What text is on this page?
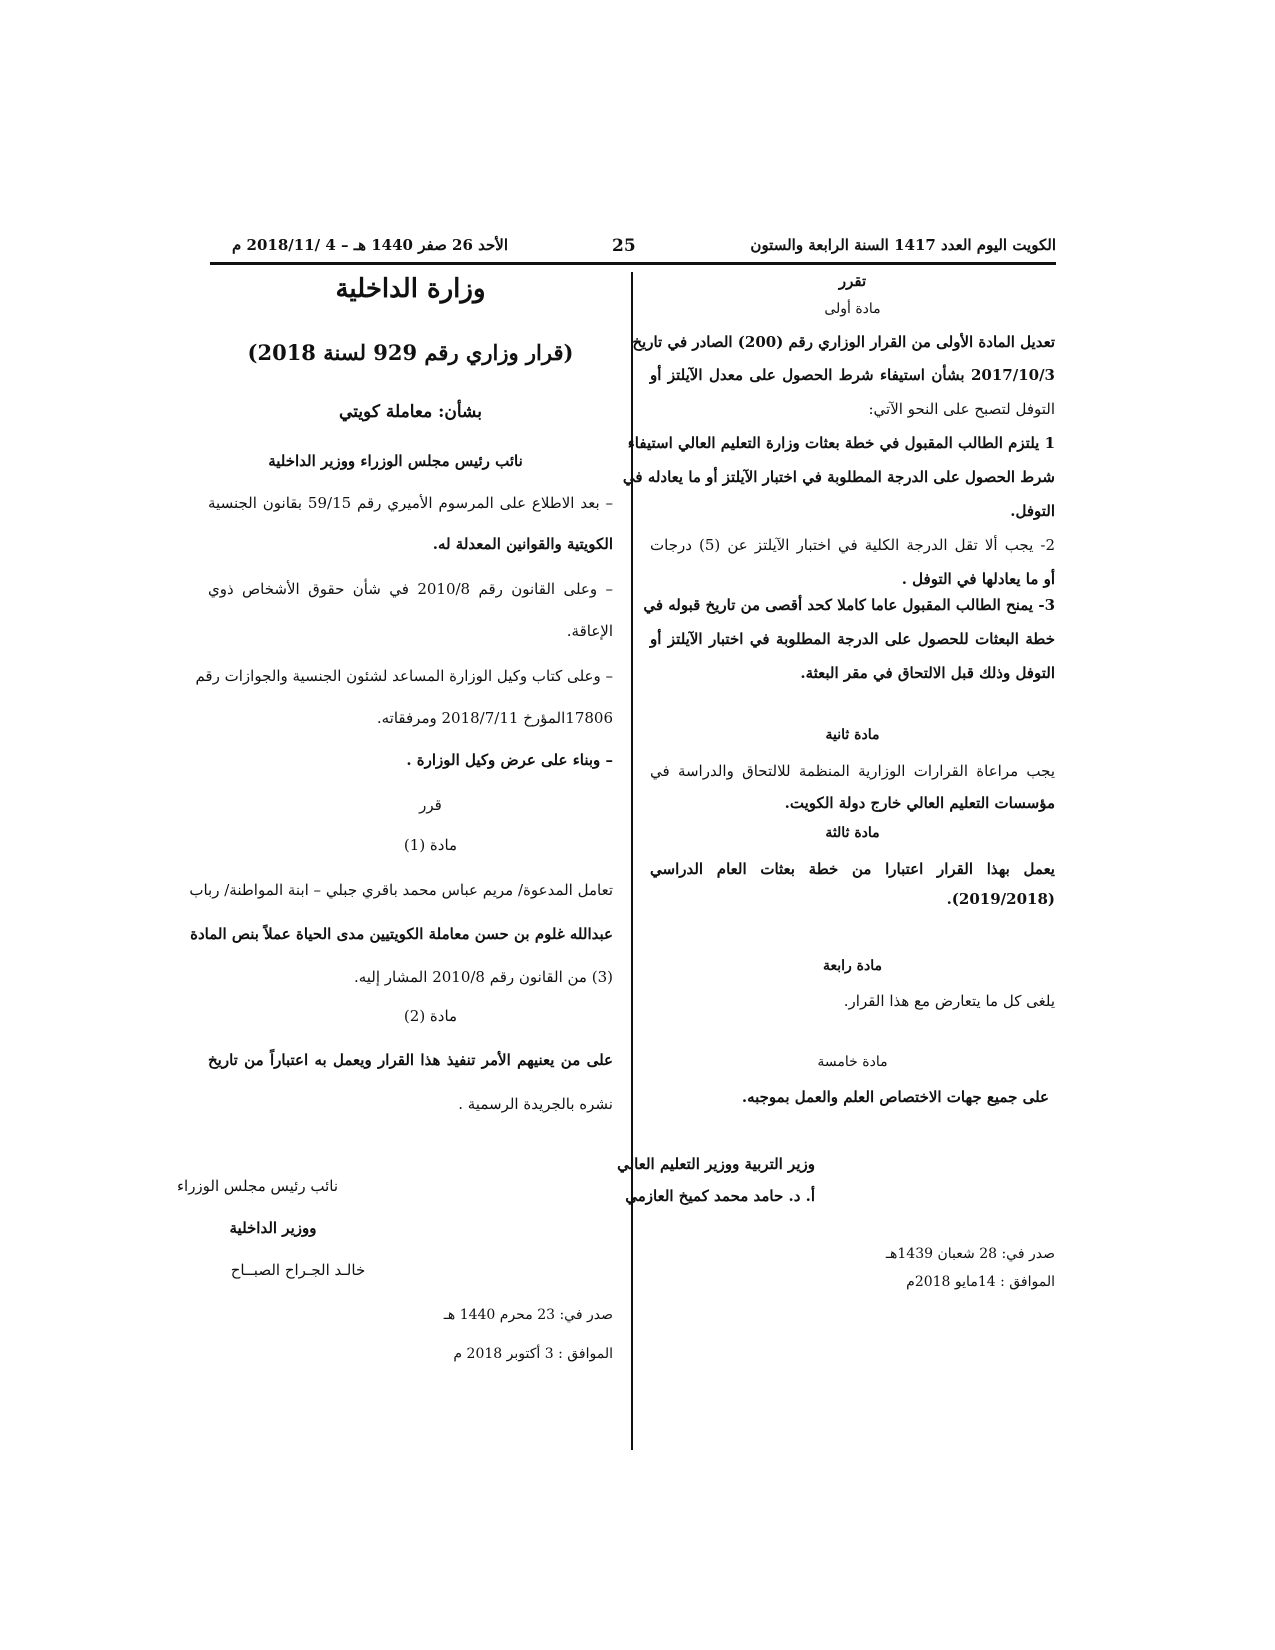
الكويت اليوم العدد 1417 السنة الرابعة والستون
25
الأحد 26 صفر 1440 هـ – 4 /2018/11 م
تقرر
مادة أولى
تعديل المادة الأولى من القرار الوزاري رقم (200) الصادر في تاريخ
2017/10/3 بشأن استيفاء شرط الحصول على معدل الآيلتز أو
التوفل لتصبح على النحو الآتي:
1 يلتزم الطالب المقبول في خطة بعثات وزارة التعليم العالي استيفاء
شرط الحصول على الدرجة المطلوبة في اختبار الآيلتز أو ما يعادله في
التوفل.
2- يجب ألا تقل الدرجة الكلية في اختبار الآيلتز عن (5) درجات
أو ما يعادلها في التوفل .
3- يمنح الطالب المقبول عاما كاملا كحد أقصى من تاريخ قبوله في
خطة البعثات للحصول على الدرجة المطلوبة في اختبار الآيلتز أو
التوفل وذلك قبل الالتحاق في مقر البعثة.
مادة ثانية
يجب مراعاة القرارات الوزارية المنظمة للالتحاق والدراسة في
مؤسسات التعليم العالي خارج دولة الكويت.
مادة ثالثة
يعمل بهذا القرار اعتبارا من خطة بعثات العام الدراسي
(2019/2018).
مادة رابعة
يلغى كل ما يتعارض مع هذا القرار.
مادة خامسة
على جميع جهات الاختصاص العلم والعمل بموجبه.
وزير التربية ووزير التعليم العالي
أ. د. حامد محمد كميخ العازمي
صدر في: 28 شعبان 1439هـ
الموافق : 14مايو 2018م
وزارة الداخلية
(قرار وزاري رقم 929 لسنة 2018)
بشأن: معاملة كويتي
نائب رئيس مجلس الوزراء ووزير الداخلية
– بعد الاطلاع على المرسوم الأميري رقم 59/15 بقانون الجنسية
الكويتية والقوانين المعدلة له.
– وعلى القانون رقم 2010/8 في شأن حقوق الأشخاص ذوي
الإعاقة.
– وعلى كتاب وكيل الوزارة المساعد لشئون الجنسية والجوازات رقم
17806المؤرخ 2018/7/11 ومرفقاته.
– وبناء على عرض وكيل الوزارة .
قرر
مادة (1)
تعامل المدعوة/ مريم عباس محمد باقري جبلي – ابنة المواطنة/ رباب
عبدالله غلوم بن حسن معاملة الكويتيين مدى الحياة عملاً بنص المادة
(3) من القانون رقم 2010/8 المشار إليه.
مادة (2)
على من يعنيهم الأمر تنفيذ هذا القرار ويعمل به اعتباراً من تاريخ
نشره بالجريدة الرسمية .
نائب رئيس مجلس الوزراء
ووزير الداخلية
خالـد الجـراح الصبــاح
صدر في: 23 محرم 1440 هـ
الموافق : 3 أكتوبر 2018 م
